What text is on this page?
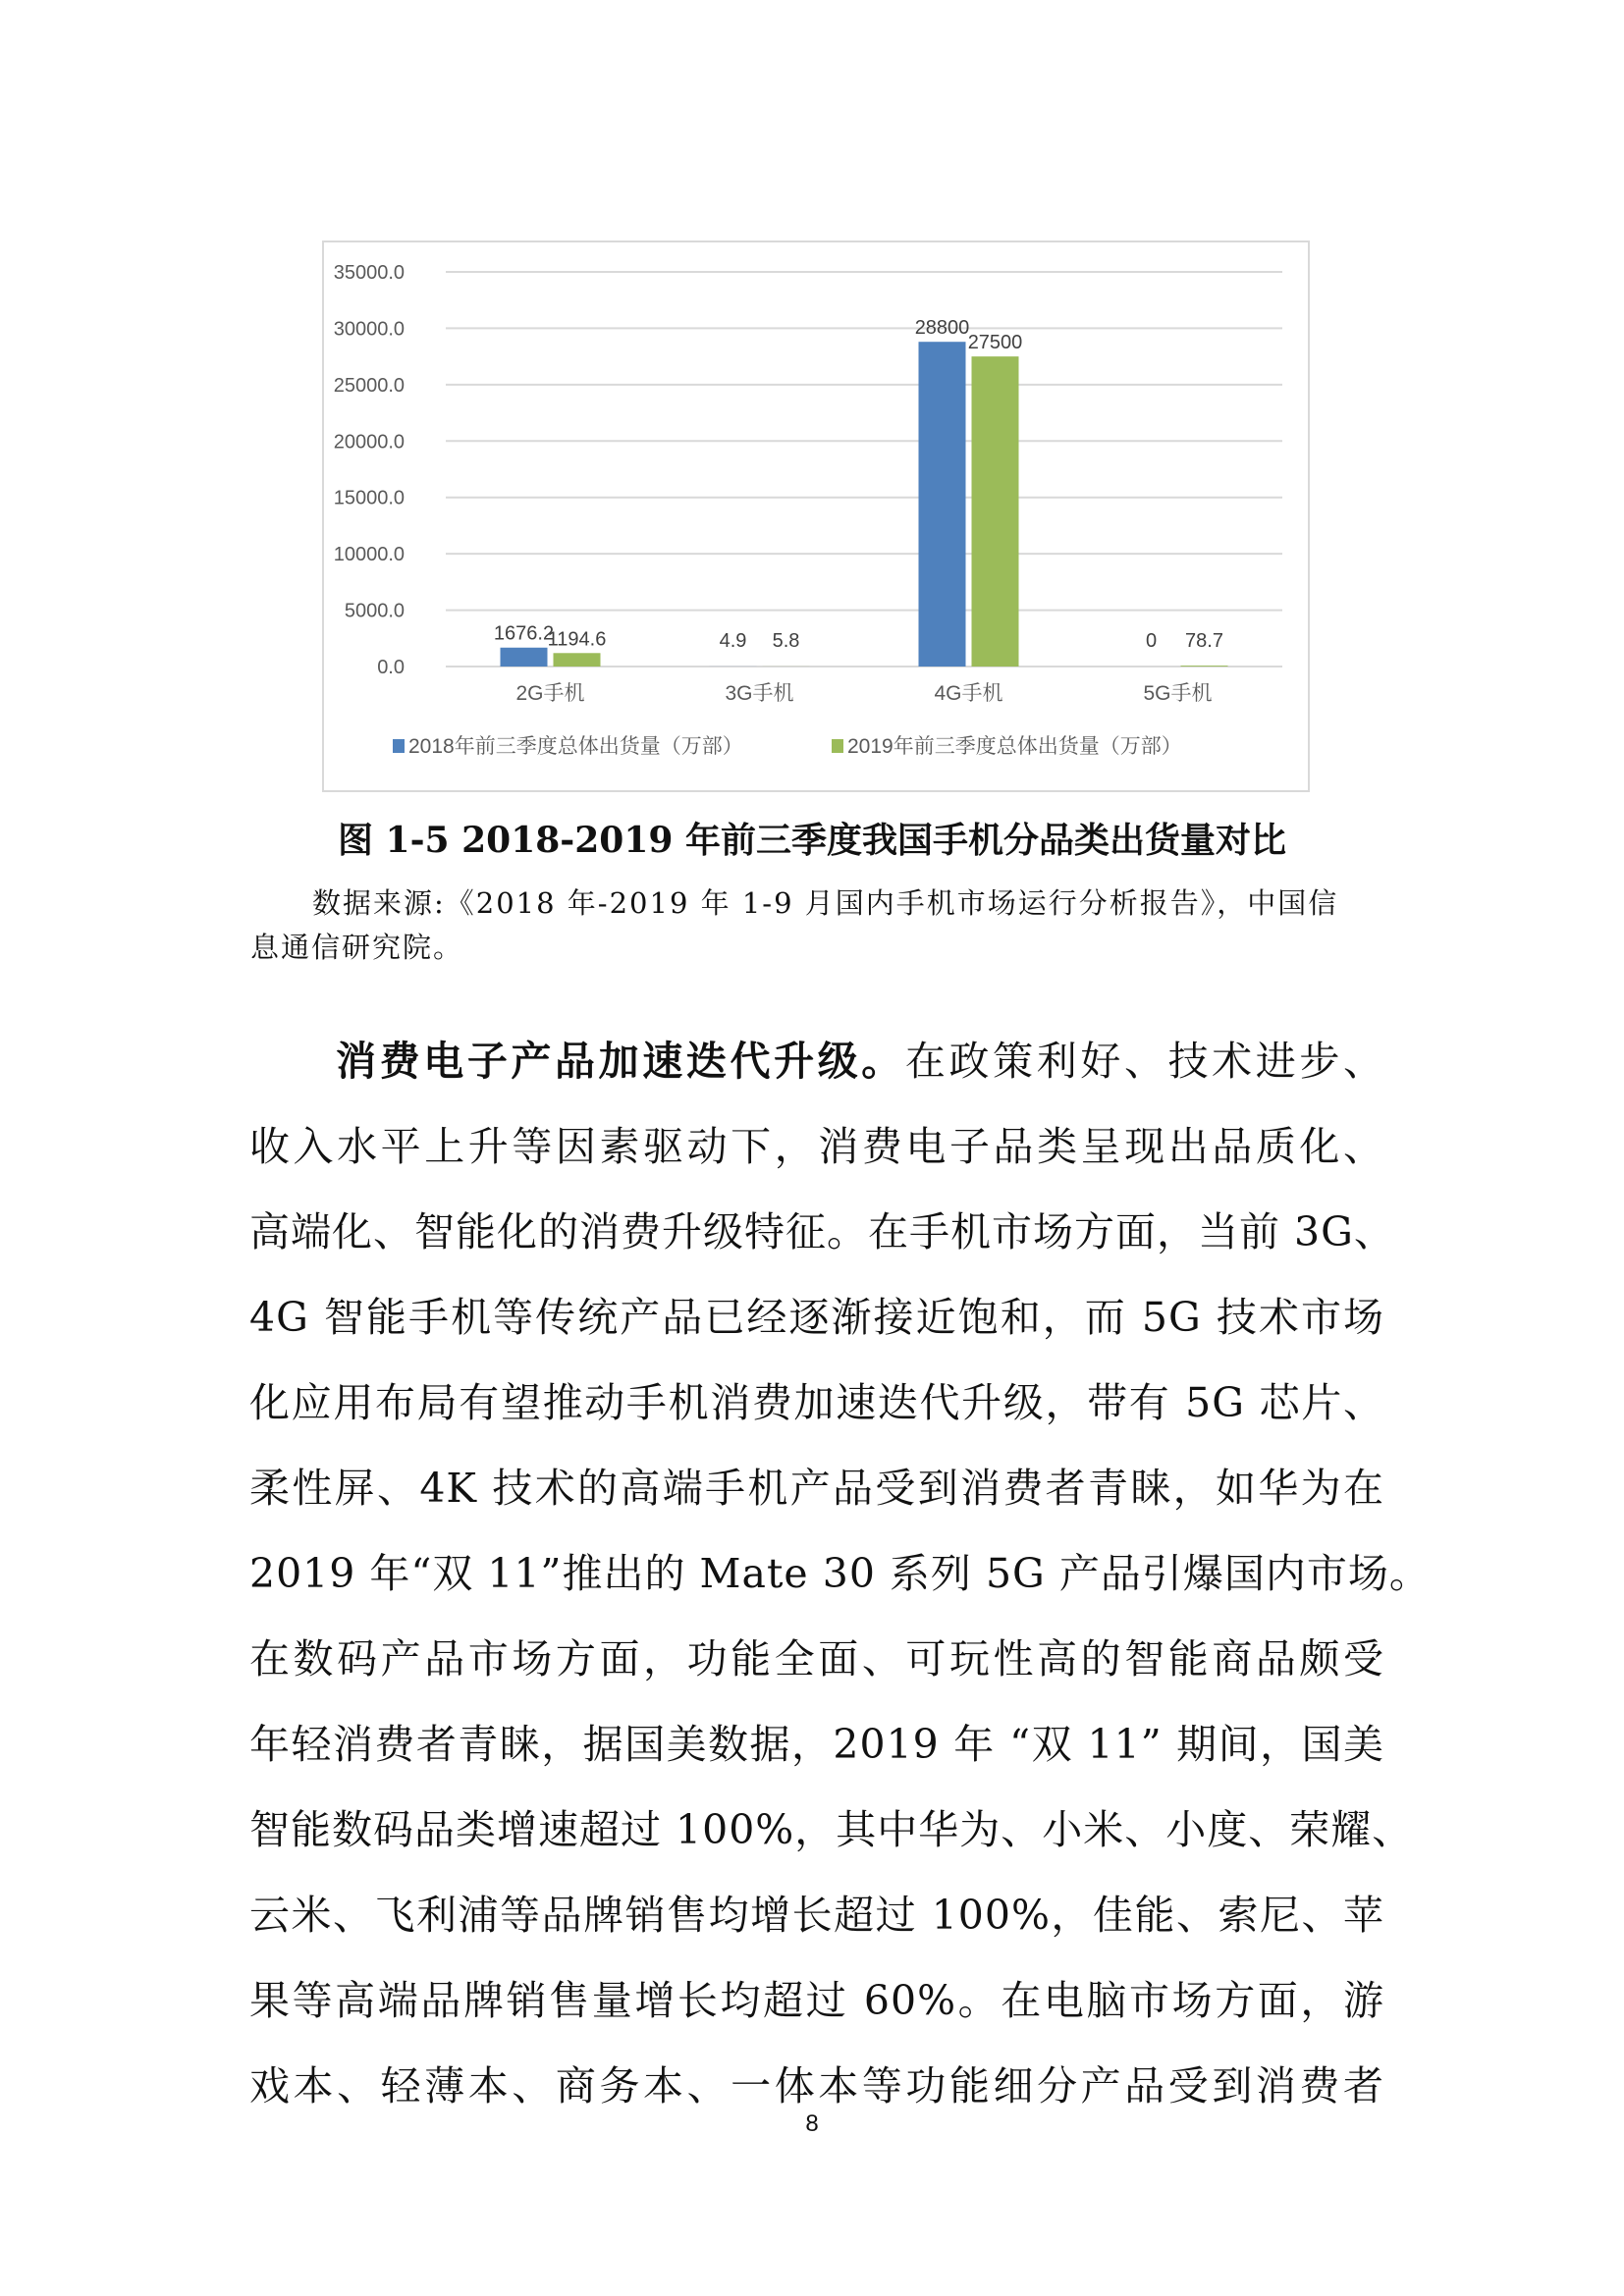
0.0
5000.0
10000.0
15000.0
20000.0
25000.0
30000.0
35000.0
2G手机
1676.2
1194.6
3G手机
4.9 5.8
4G手机
28800
27500
5G手机
0 78.7
2018年前三季度总体出货量（万部）	2019年前三季度总体出货量（万部）
图 1-5 2018-2019 年前三季度我国手机分品类出货量对比
数据来源:《2018 年-2019 年 1-9 月国内手机市场运行分析报告》，中国信
息通信研究院。
消费电子产品加速迭代升级。在政策利好、技术进步、
收入水平上升等因素驱动下，消费电子品类呈现出品质化、
高端化、智能化的消费升级特征。在手机市场方面，当前 3G、
4G 智能手机等传统产品已经逐渐接近饱和，而 5G 技术市场
化应用布局有望推动手机消费加速迭代升级，带有 5G 芯片、
柔性屏、4K 技术的高端手机产品受到消费者青睐，如华为在
2019 年“双 11”推出的 Mate 30 系列 5G 产品引爆国内市场。
在数码产品市场方面，功能全面、可玩性高的智能商品颇受
年轻消费者青睐，据国美数据，2019 年 “双 11” 期间，国美
智能数码品类增速超过 100%，其中华为、小米、小度、荣耀、
云米、飞利浦等品牌销售均增长超过 100%，佳能、索尼、苹
果等高端品牌销售量增长均超过 60%。在电脑市场方面，游
戏本、轻薄本、商务本、一体本等功能细分产品受到消费者
8
